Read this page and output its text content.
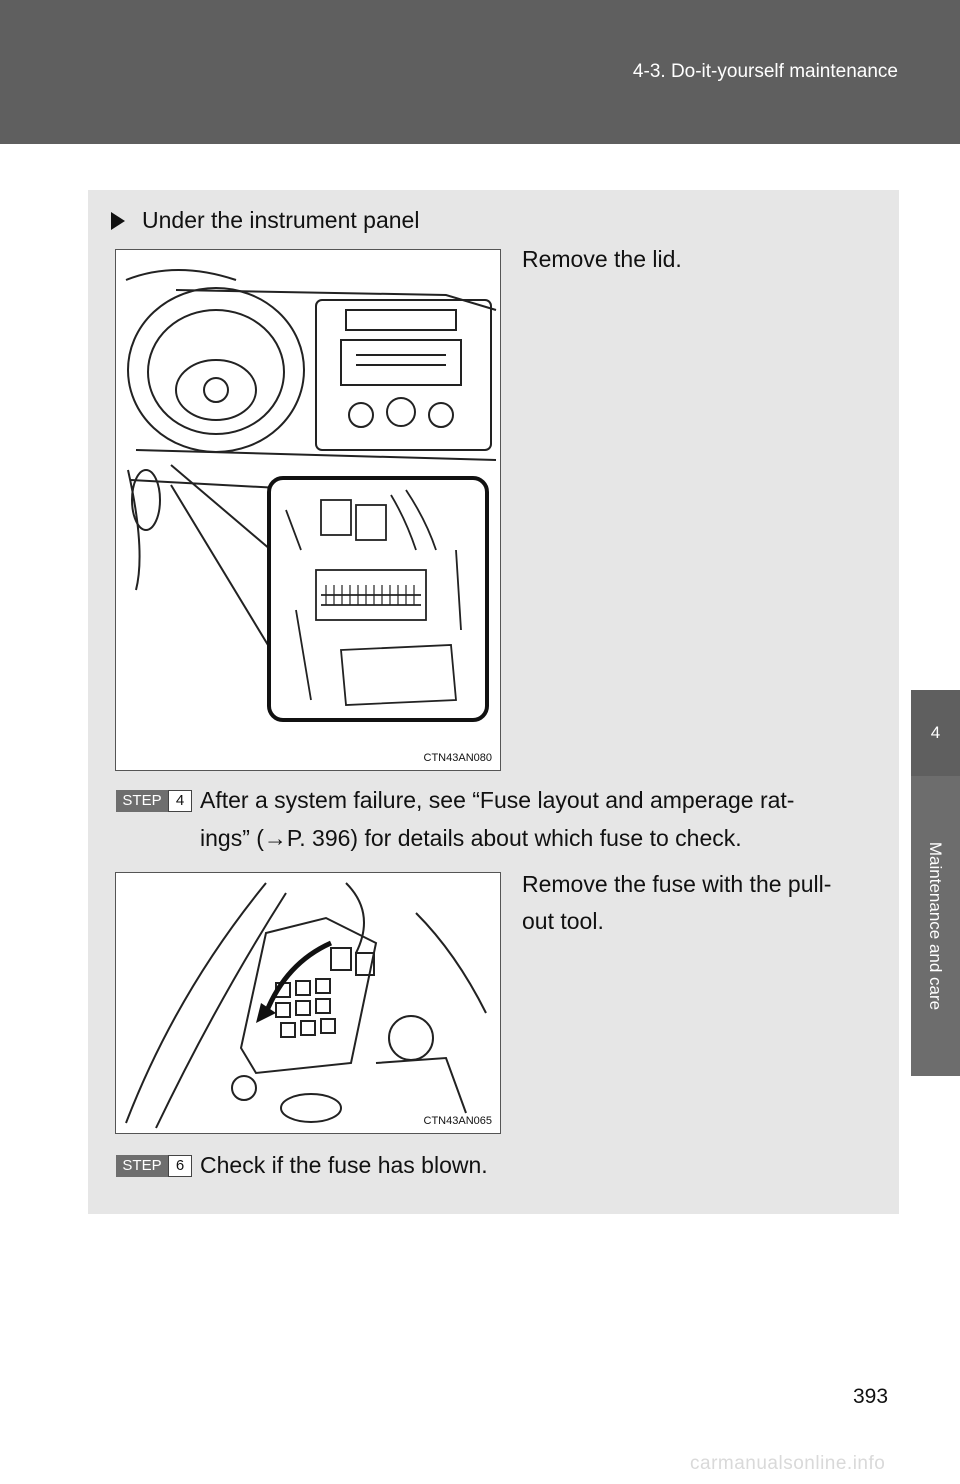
4-3. Do-it-yourself maintenance
4
Maintenance and care
Under the instrument panel
CTN43AN080
Remove the lid.
STEP 4 After a system failure, see “Fuse layout and amperage rat-
ings” (→P. 396) for details about which fuse to check.
CTN43AN065
Remove the fuse with the pull-
out tool.
STEP 6 Check if the fuse has blown.
393
carmanualsonline.info
